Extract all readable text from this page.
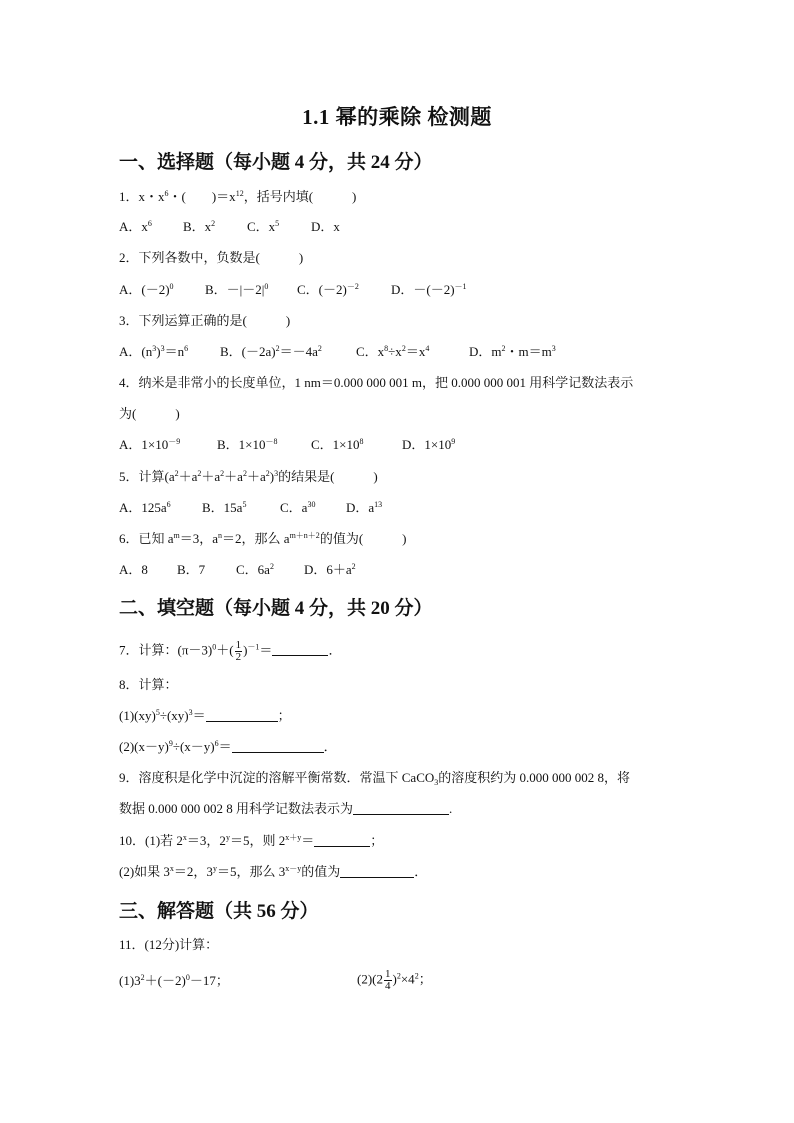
1.1 幂的乘除 检测题
一、选择题（每小题 4 分，共 24 分）
1．x・$x^6$・(　　)$=x^{12}$，括号内填(　　　)
A．$x^6$ B．$x^2$ C．$x^5$ D．x
2．下列各数中，负数是(　　　)
A．$(-2)^0$ B．$-|-2|^0$ C．$(-2)^{-2}$ D．$-(-2)^{-1}$
3．下列运算正确的是(　　　)
A．$(n^3)^3=n^6$ B．$(-2a)^2=-4a^2$	C．$x^8\div x^2=x^4$	D．$m^2$・$m=m^3$
4．纳米是非常小的长度单位，1 nm＝0.000 000 001 m，把 0.000 000 001 用科学记数法表示
为(　　　)
A．$1\times 10^{-9}$	B．$1\times 10^{-8}$	C．$1\times 10^8$	D．$1\times 10^9$
5．计算$(a^2+a^2+a^2+a^2+a^2)^3$的结果是(　　　)
A．$125a^6$ B．$15a^5$	C．$a^{30}$ D．$a^{13}$
6．已知 $a^m=3$，$a^n=2$，那么 $a^{m+n+2}$的值为(　　　)
A．8 B．7 C．$6a^2$ D．$6+a^2$
二、填空题（每小题 4 分，共 20 分）
7．计算：$(\pi-3)^0+( \frac{1}{2} )^{-1}=$	．
8．计算：
(1)(xy)$^5$÷(xy)$^3$＝	；
$(2)(x-y)^9\div(x-y)^6=$	．
9．溶度积是化学中沉淀的溶解平衡常数．常温下 CaCO$_3$的溶度积约为 0.000 000 002 8，将
数据 0.000 000 002 8 用科学记数法表示为	.
10．(1)若 $2^x=3$，$2^y=5$，则 $2^{x+y}=$	；
(2)如果 $3^x=2$，$3^y=5$，那么 $3^{x-y}$的值为	．
三、解答题（共 56 分）
11．(12分)计算：
$(1)3^2+(-2)^0-17$；	$(2)(2 \frac{1}{4} )^2\times 4^2$；
